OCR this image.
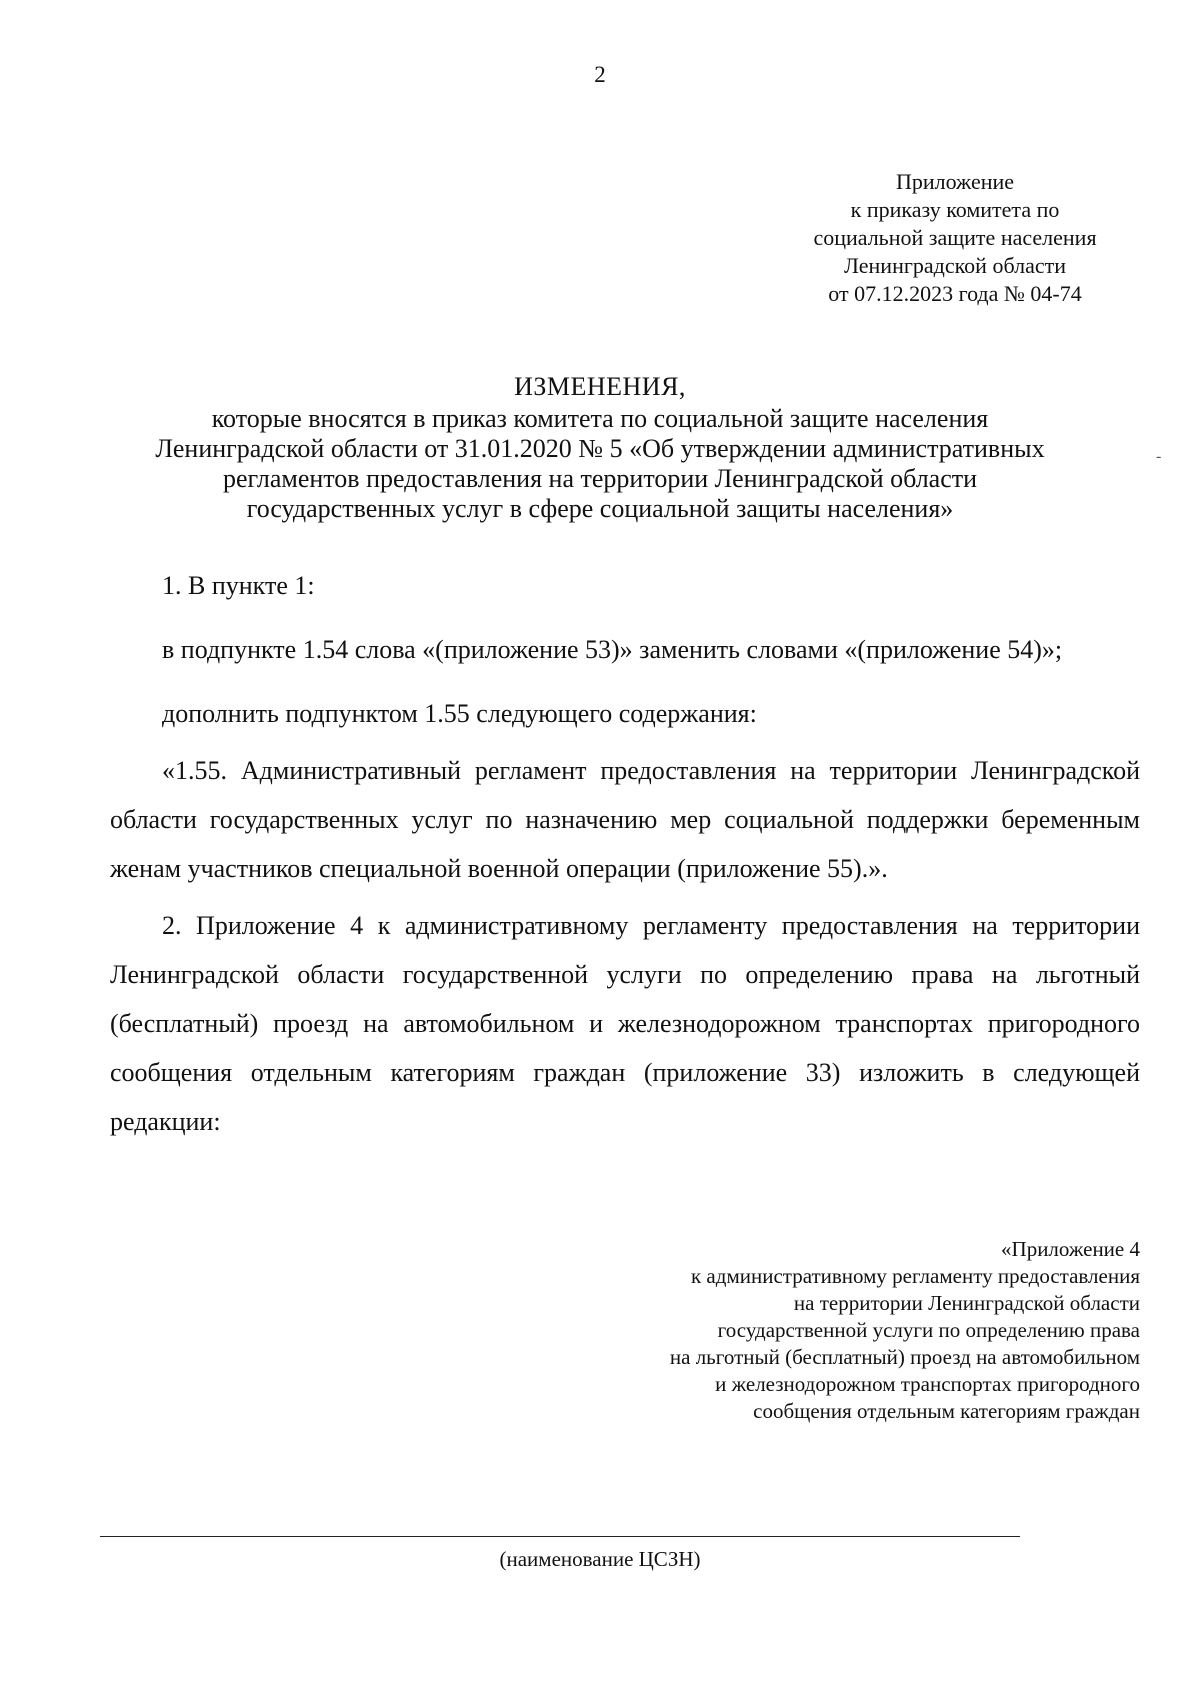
2
Приложение
к приказу комитета по
социальной защите населения
Ленинградской области
от 07.12.2023 года № 04-74
ИЗМЕНЕНИЯ,
которые вносятся в приказ комитета по социальной защите населения
Ленинградской области от 31.01.2020 № 5 «Об утверждении административных
регламентов предоставления на территории Ленинградской области
государственных услуг в сфере социальной защиты населения»
-

1. В пункте 1:

в подпункте 1.54 слова «(приложение 53)» заменить словами «(приложение 54)»;

дополнить подпунктом 1.55 следующего содержания:

«1.55. Административный регламент предоставления на территории Ленинградской области государственных услуг по назначению мер социальной поддержки беременным женам участников специальной военной операции (приложение 55).».

2. Приложение 4 к административному регламенту предоставления на территории Ленинградской области государственной услуги по определению права на льготный (бесплатный) проезд на автомобильном и железнодорожном транспортах пригородного сообщения отдельным категориям граждан (приложение 33) изложить в следующей редакции:

«Приложение 4
к административному регламенту предоставления
на территории Ленинградской области
государственной услуги по определению права
на льготный (бесплатный) проезд на автомобильном
и железнодорожном транспортах пригородного
сообщения отдельным категориям граждан
(наименование ЦСЗН)
